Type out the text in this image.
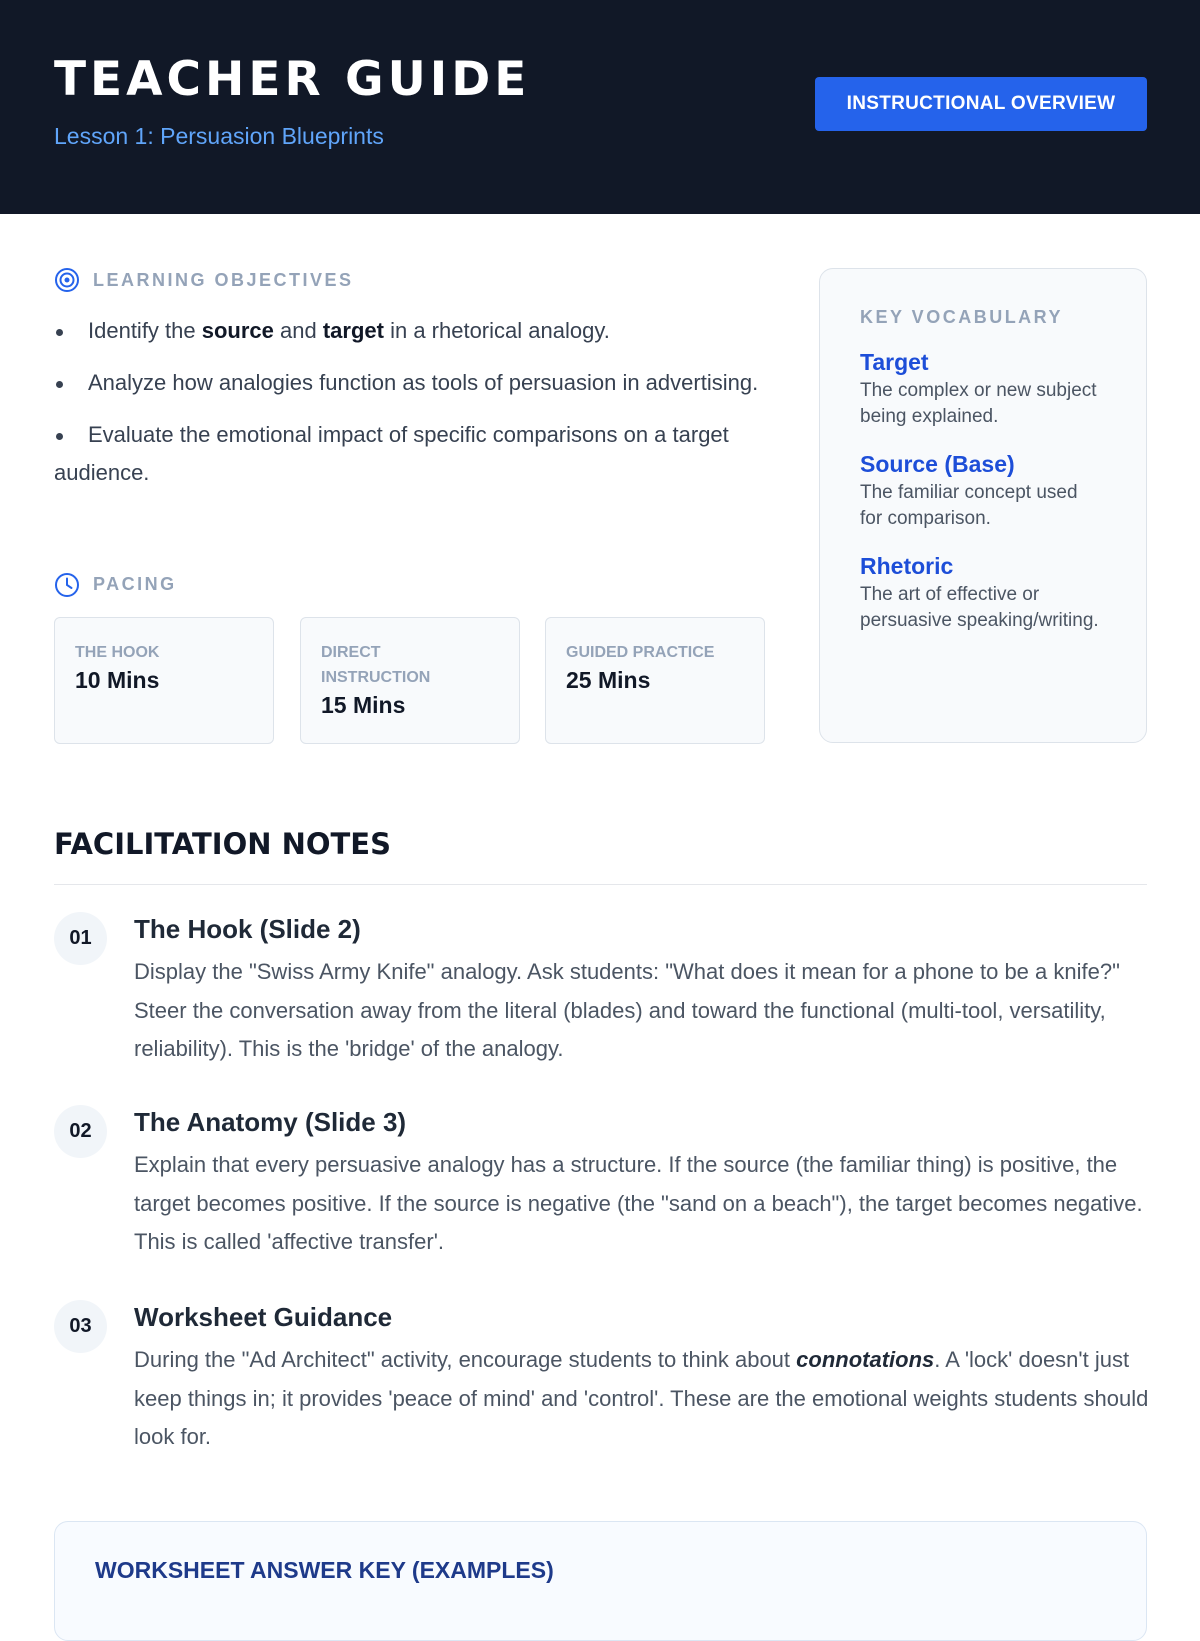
TEACHER GUIDE
Lesson 1: Persuasion Blueprints
INSTRUCTIONAL OVERVIEW
LEARNING OBJECTIVES
Identify the source and target in a rhetorical analogy.
Analyze how analogies function as tools of persuasion in advertising.
Evaluate the emotional impact of specific comparisons on a target audience.
PACING
THE HOOK
10 Mins
DIRECT INSTRUCTION
15 Mins
GUIDED PRACTICE
25 Mins
KEY VOCABULARY
Target
The complex or new subject being explained.
Source (Base)
The familiar concept used for comparison.
Rhetoric
The art of effective or persuasive speaking/writing.
FACILITATION NOTES
01	The Hook (Slide 2)
Display the "Swiss Army Knife" analogy. Ask students: "What does it mean for a phone to be a knife?" Steer the conversation away from the literal (blades) and toward the functional (multi-tool, versatility, reliability). This is the 'bridge' of the analogy.
02	The Anatomy (Slide 3)
Explain that every persuasive analogy has a structure. If the source (the familiar thing) is positive, the target becomes positive. If the source is negative (the "sand on a beach"), the target becomes negative. This is called 'affective transfer'.
03	Worksheet Guidance
During the "Ad Architect" activity, encourage students to think about connotations. A 'lock' doesn't just keep things in; it provides 'peace of mind' and 'control'. These are the emotional weights students should look for.
WORKSHEET ANSWER KEY (EXAMPLES)
